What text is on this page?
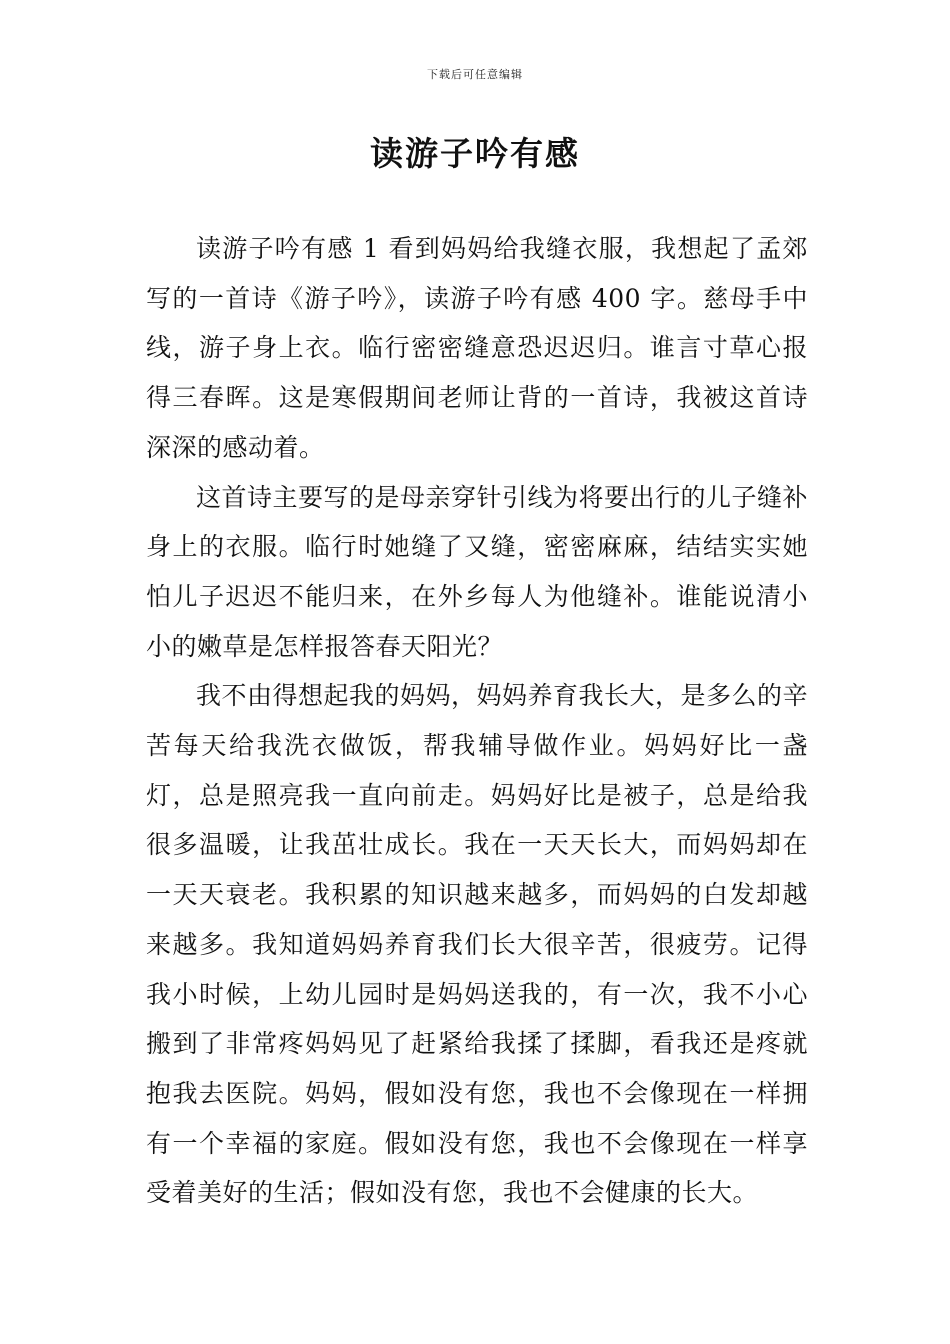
下载后可任意编辑
读游子吟有感

读游子吟有感 1 看到妈妈给我缝衣服，我想起了孟郊写的一首诗《游子吟》，读游子吟有感 400 字。慈母手中线，游子身上衣。临行密密缝意恐迟迟归。谁言寸草心报得三春晖。这是寒假期间老师让背的一首诗，我被这首诗深深的感动着。

这首诗主要写的是母亲穿针引线为将要出行的儿子缝补身上的衣服。临行时她缝了又缝，密密麻麻，结结实实她怕儿子迟迟不能归来，在外乡每人为他缝补。谁能说清小小的嫩草是怎样报答春天阳光？

我不由得想起我的妈妈，妈妈养育我长大，是多么的辛苦每天给我洗衣做饭，帮我辅导做作业。妈妈好比一盏灯，总是照亮我一直向前走。妈妈好比是被子，总是给我很多温暖，让我茁壮成长。我在一天天长大，而妈妈却在一天天衰老。我积累的知识越来越多，而妈妈的白发却越来越多。我知道妈妈养育我们长大很辛苦，很疲劳。记得我小时候，上幼儿园时是妈妈送我的，有一次，我不小心搬到了非常疼妈妈见了赶紧给我揉了揉脚，看我还是疼就抱我去医院。妈妈，假如没有您，我也不会像现在一样拥有一个幸福的家庭。假如没有您，我也不会像现在一样享受着美好的生活；假如没有您，我也不会健康的长大。
